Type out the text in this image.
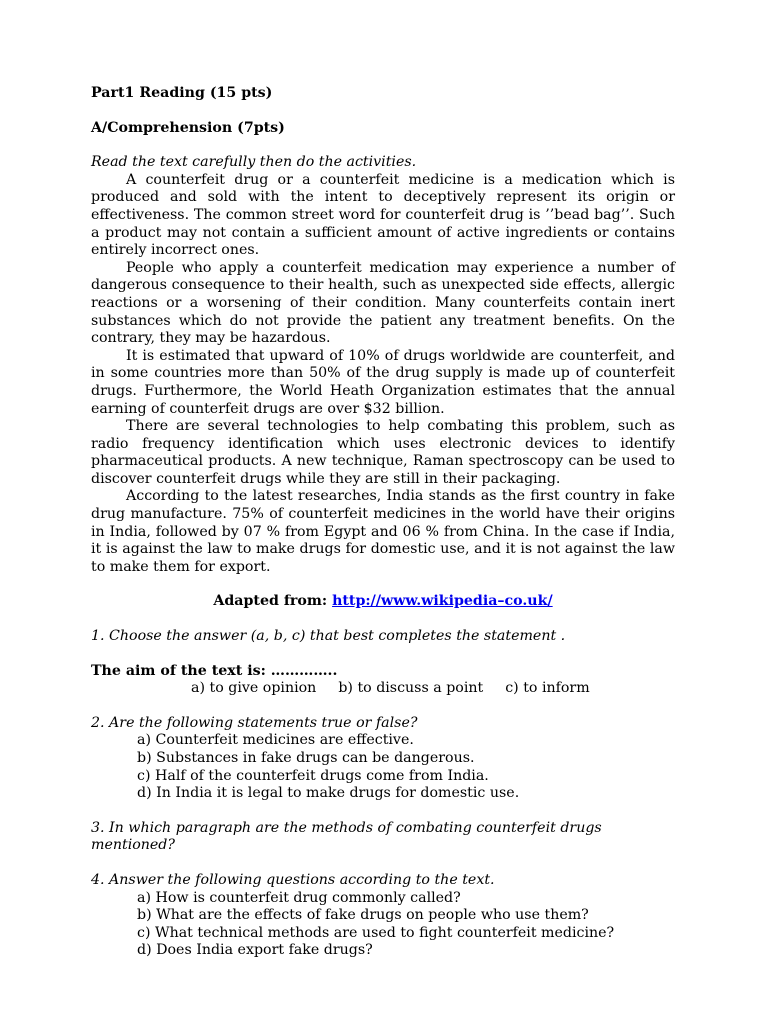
Part1 Reading (15 pts)

A/Comprehension (7pts)

Read the text carefully then do the activities.

A counterfeit drug or a counterfeit medicine is a medication which is produced and sold with the intent to deceptively represent its origin or effectiveness. The common street word for counterfeit drug is ’’bead bag’’. Such a product may not contain a sufficient amount of active ingredients or contains entirely incorrect ones.

People who apply a counterfeit medication may experience a number of dangerous consequence to their health, such as unexpected side effects, allergic reactions or a worsening of their condition. Many counterfeits contain inert substances which do not provide the patient any treatment benefits. On the contrary, they may be hazardous.

It is estimated that upward of 10% of drugs worldwide are counterfeit, and in some countries more than 50% of the drug supply is made up of counterfeit drugs. Furthermore, the World Heath Organization estimates that the annual earning of counterfeit drugs are over $32 billion.

There are several technologies to help combating this problem, such as radio frequency identification which uses electronic devices to identify pharmaceutical products. A new technique, Raman spectroscopy can be used to discover counterfeit drugs while they are still in their packaging.

According to the latest researches, India stands as the first country in fake drug manufacture. 75% of counterfeit medicines in the world have their origins in India, followed by 07 % from Egypt and 06 % from China. In the case if India, it is against the law to make drugs for domestic use, and it is not against the law to make them for export.

Adapted from: http://www.wikipedia–co.uk/

1. Choose the answer (a, b, c) that best completes the statement .

The aim of the text is: …………..

a) to give opinion b) to discuss a point c) to inform

2. Are the following statements true or false?

a) Counterfeit medicines are effective.

b) Substances in fake drugs can be dangerous.

c) Half of the counterfeit drugs come from India.

d) In India it is legal to make drugs for domestic use.

3. In which paragraph are the methods of combating counterfeit drugs mentioned?

4. Answer the following questions according to the text.

a) How is counterfeit drug commonly called?

b) What are the effects of fake drugs on people who use them?

c) What technical methods are used to fight counterfeit medicine?

d) Does India export fake drugs?
